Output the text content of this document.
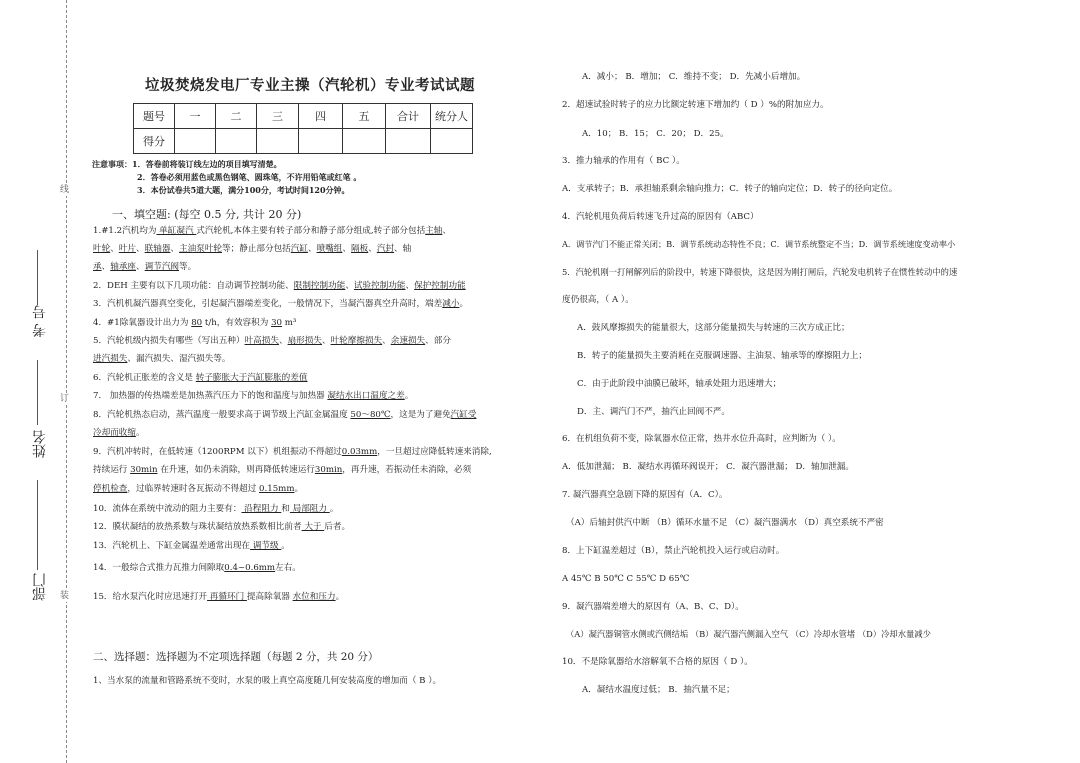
线
订
装
考 号
姓名
部门
垃圾焚烧发电厂专业主操（汽轮机）专业考试试题
题号	一	二	三	四	五	合计	统分人
得分							
注意事项：1．答卷前将装订线左边的项目填写清楚。
2．答卷必须用蓝色或黑色钢笔、圆珠笔，不许用铅笔或红笔 。
3．本份试卷共5道大题，满分100分，考试时间120分钟。
一、填空题: (每空 0.5 分, 共计 20 分)
1.#1.2汽机均为 单缸凝汽 式汽轮机,本体主要有转子部分和静子部分组成,转子部分包括主轴、
叶轮、叶片、联轴器、主油泵叶轮等；静止部分包括汽缸、喷嘴组、隔板、汽封、轴
承、轴承座、调节汽阀等。
2．DEH 主要有以下几项功能：自动调节控制功能、限制控制功能、试验控制功能、保护控制功能
3．汽机机凝汽器真空变化，引起凝汽器端差变化，一般情况下，当凝汽器真空升高时，端差减小。
4．#1除氧器设计出力为 80 t/h，有效容积为 30 m³
5．汽轮机级内损失有哪些（写出五种）叶高损失、扇形损失、叶轮摩擦损失、余速损失、部分
进汽损失、漏汽损失、湿汽损失等。
6．汽轮机正胀差的含义是 转子膨胀大于汽缸膨胀的差值
7． 加热器的传热端差是加热蒸汽压力下的饱和温度与加热器 凝结水出口温度之差。
8．汽轮机热态启动，蒸汽温度一般要求高于调节级上汽缸金属温度 50～80℃，这是为了避免汽缸受
冷却而收缩。
9．汽机冲转时，在低转速（1200RPM 以下）机组振动不得超过0.03mm，一旦超过应降低转速来消除,
持续运行 30min 在升速，如仍未消除，则再降低转速运行30min，再升速，若振动任未消除，必须
停机检查，过临界转速时各瓦振动不得超过 0.15mm。
10．流体在系统中流动的阻力主要有： 沿程阻力 和 局部阻力 。
12．膜状凝结的放热系数与珠状凝结放热系数相比前者 大于 后者。
13．汽轮机上、下缸金属温差通常出现在 调节级 。
14．一般综合式推力瓦推力间隙取0.4~0.6mm左右。
15．给水泵汽化时应迅速打开 再循环门 提高除氧器 水位和压力。
二、选择题：选择题为不定项选择题（每题 2 分，共 20 分）
1、当水泵的流量和管路系统不变时，水泵的吸上真空高度随几何安装高度的增加而（ B ）。
A．减小； B．增加； C．维持不变； D．先减小后增加。
2．超速试验时转子的应力比额定转速下增加约（ D ）%的附加应力。
A．10； B．15； C．20； D．25。
3．推力轴承的作用有（ BC ）。
A．支承转子；B．承担轴系剩余轴向推力；C．转子的轴向定位；D．转子的径向定位。
4．汽轮机甩负荷后转速飞升过高的原因有（ABC）
A．调节汽门不能正常关闭；B．调节系统动态特性不良；C．调节系统整定不当；D．调节系统速度变动率小
5．汽轮机刚一打闸解列后的阶段中，转速下降很快，这是因为刚打闸后，汽轮发电机转子在惯性转动中的速
度仍很高，（ A ）。
A．鼓风摩擦损失的能量很大，这部分能量损失与转速的三次方成正比；
B．转子的能量损失主要消耗在克服调速器、主油泵、轴承等的摩擦阻力上；
C．由于此阶段中油膜已破坏，轴承处阻力迅速增大；
D．主、调汽门不严，抽汽止回阀不严。
6．在机组负荷不变，除氧器水位正常，热井水位升高时，应判断为（ ）。
A．低加泄漏； B．凝结水再循环阀误开； C．凝汽器泄漏； D．轴加泄漏。
7. 凝汽器真空急剧下降的原因有（A．C）。
（A）后轴封供汽中断 （B）循环水量不足 （C）凝汽器满水 （D）真空系统不严密
8．上下缸温差超过（B），禁止汽轮机投入运行或启动时。
A 45℃ B 50℃ C 55℃ D 65℃
9．凝汽器端差增大的原因有（A、B、C、D）。
（A）凝汽器铜管水侧或汽侧结垢 （B）凝汽器汽侧漏入空气 （C）冷却水管堵 （D）冷却水量减少
10．不是除氧器给水溶解氧不合格的原因（ D ）。
A．凝结水温度过低； B．抽汽量不足；
